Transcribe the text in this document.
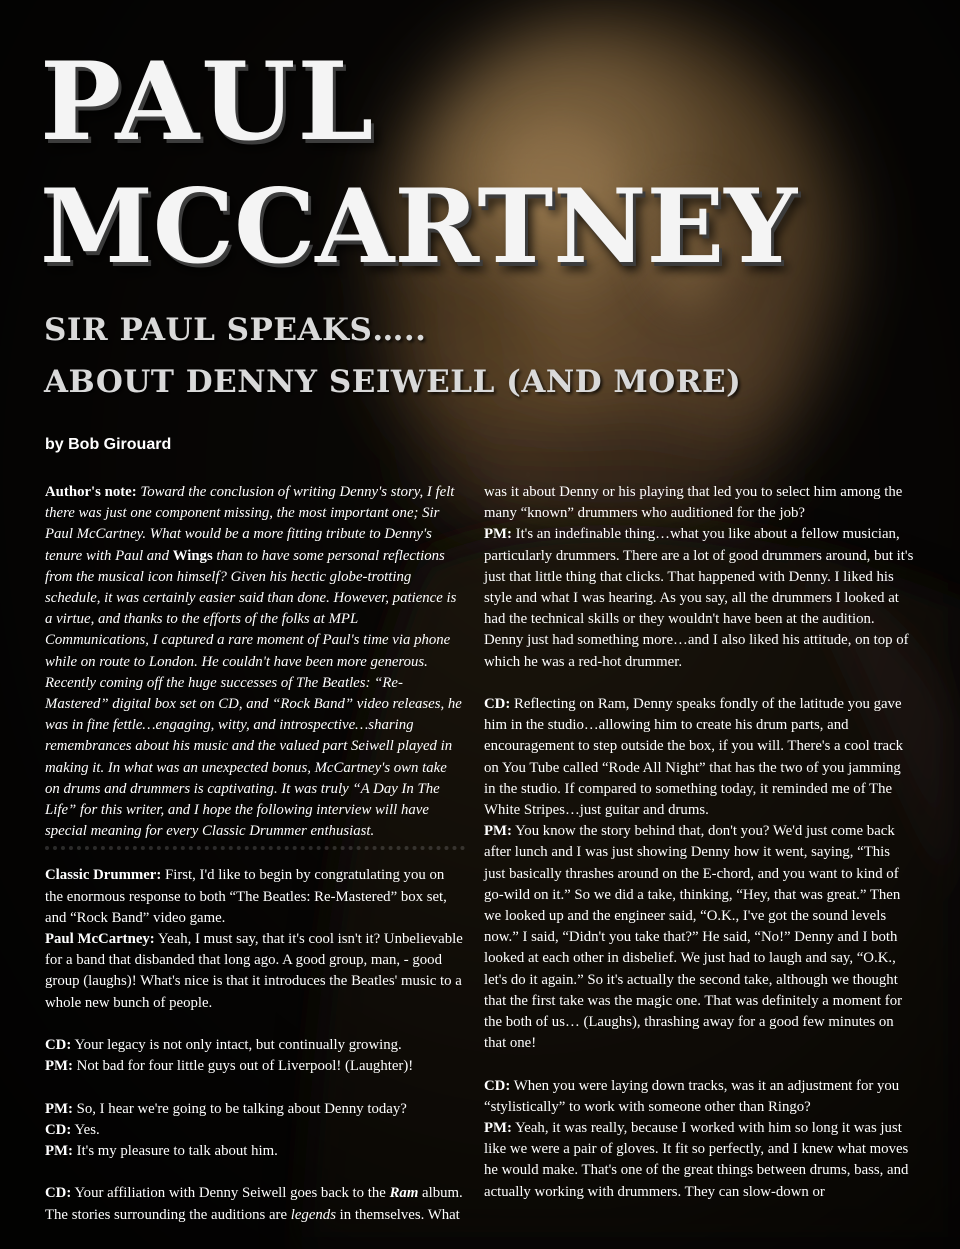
PAUL
MCCARTNEY
SIR PAUL SPEAKS…..
ABOUT DENNY SEIWELL (AND MORE)

by Bob Girouard

Author's note: Toward the conclusion of writing Denny's story, I felt there was just one component missing, the most important one; Sir Paul McCartney. What would be a more fitting tribute to Denny's tenure with Paul and Wings than to have some personal reflections from the musical icon himself? Given his hectic globe-trotting schedule, it was certainly easier said than done. However, patience is a virtue, and thanks to the efforts of the folks at MPL Communications, I captured a rare moment of Paul's time via phone while on route to London. He couldn't have been more generous. Recently coming off the huge successes of The Beatles: “Re-Mastered” digital box set on CD, and “Rock Band” video releases, he was in fine fettle…engaging, witty, and introspective…sharing remembrances about his music and the valued part Seiwell played in making it. In what was an unexpected bonus, McCartney's own take on drums and drummers is captivating. It was truly “A Day In The Life” for this writer, and I hope the following interview will have special meaning for every Classic Drummer enthusiast.

Classic Drummer: First, I'd like to begin by congratulating you on the enormous response to both “The Beatles: Re-Mastered” box set, and “Rock Band” video game.

Paul McCartney: Yeah, I must say, that it's cool isn't it? Unbelievable for a band that disbanded that long ago. A good group, man, - good group (laughs)! What's nice is that it introduces the Beatles' music to a whole new bunch of people.

CD: Your legacy is not only intact, but continually growing.

PM: Not bad for four little guys out of Liverpool! (Laughter)!

PM: So, I hear we're going to be talking about Denny today?

CD: Yes.

PM: It's my pleasure to talk about him.

CD: Your affiliation with Denny Seiwell goes back to the Ram album. The stories surrounding the auditions are legends in themselves. What

was it about Denny or his playing that led you to select him among the many “known” drummers who auditioned for the job?

PM: It's an indefinable thing…what you like about a fellow musician, particularly drummers. There are a lot of good drummers around, but it's just that little thing that clicks. That happened with Denny. I liked his style and what I was hearing. As you say, all the drummers I looked at had the technical skills or they wouldn't have been at the audition. Denny just had something more…and I also liked his attitude, on top of which he was a red-hot drummer.

CD: Reflecting on Ram, Denny speaks fondly of the latitude you gave him in the studio…allowing him to create his drum parts, and encouragement to step outside the box, if you will. There's a cool track on You Tube called “Rode All Night” that has the two of you jamming in the studio. If compared to something today, it reminded me of The White Stripes…just guitar and drums.

PM: You know the story behind that, don't you? We'd just come back after lunch and I was just showing Denny how it went, saying, “This just basically thrashes around on the E-chord, and you want to kind of go-wild on it.” So we did a take, thinking, “Hey, that was great.” Then we looked up and the engineer said, “O.K., I've got the sound levels now.” I said, “Didn't you take that?” He said, “No!” Denny and I both looked at each other in disbelief. We just had to laugh and say, “O.K., let's do it again.” So it's actually the second take, although we thought that the first take was the magic one. That was definitely a moment for the both of us… (Laughs), thrashing away for a good few minutes on that one!

CD: When you were laying down tracks, was it an adjustment for you “stylistically” to work with someone other than Ringo?

PM: Yeah, it was really, because I worked with him so long it was just like we were a pair of gloves. It fit so perfectly, and I knew what moves he would make. That's one of the great things between drums, bass, and actually working with drummers. They can slow-down or
